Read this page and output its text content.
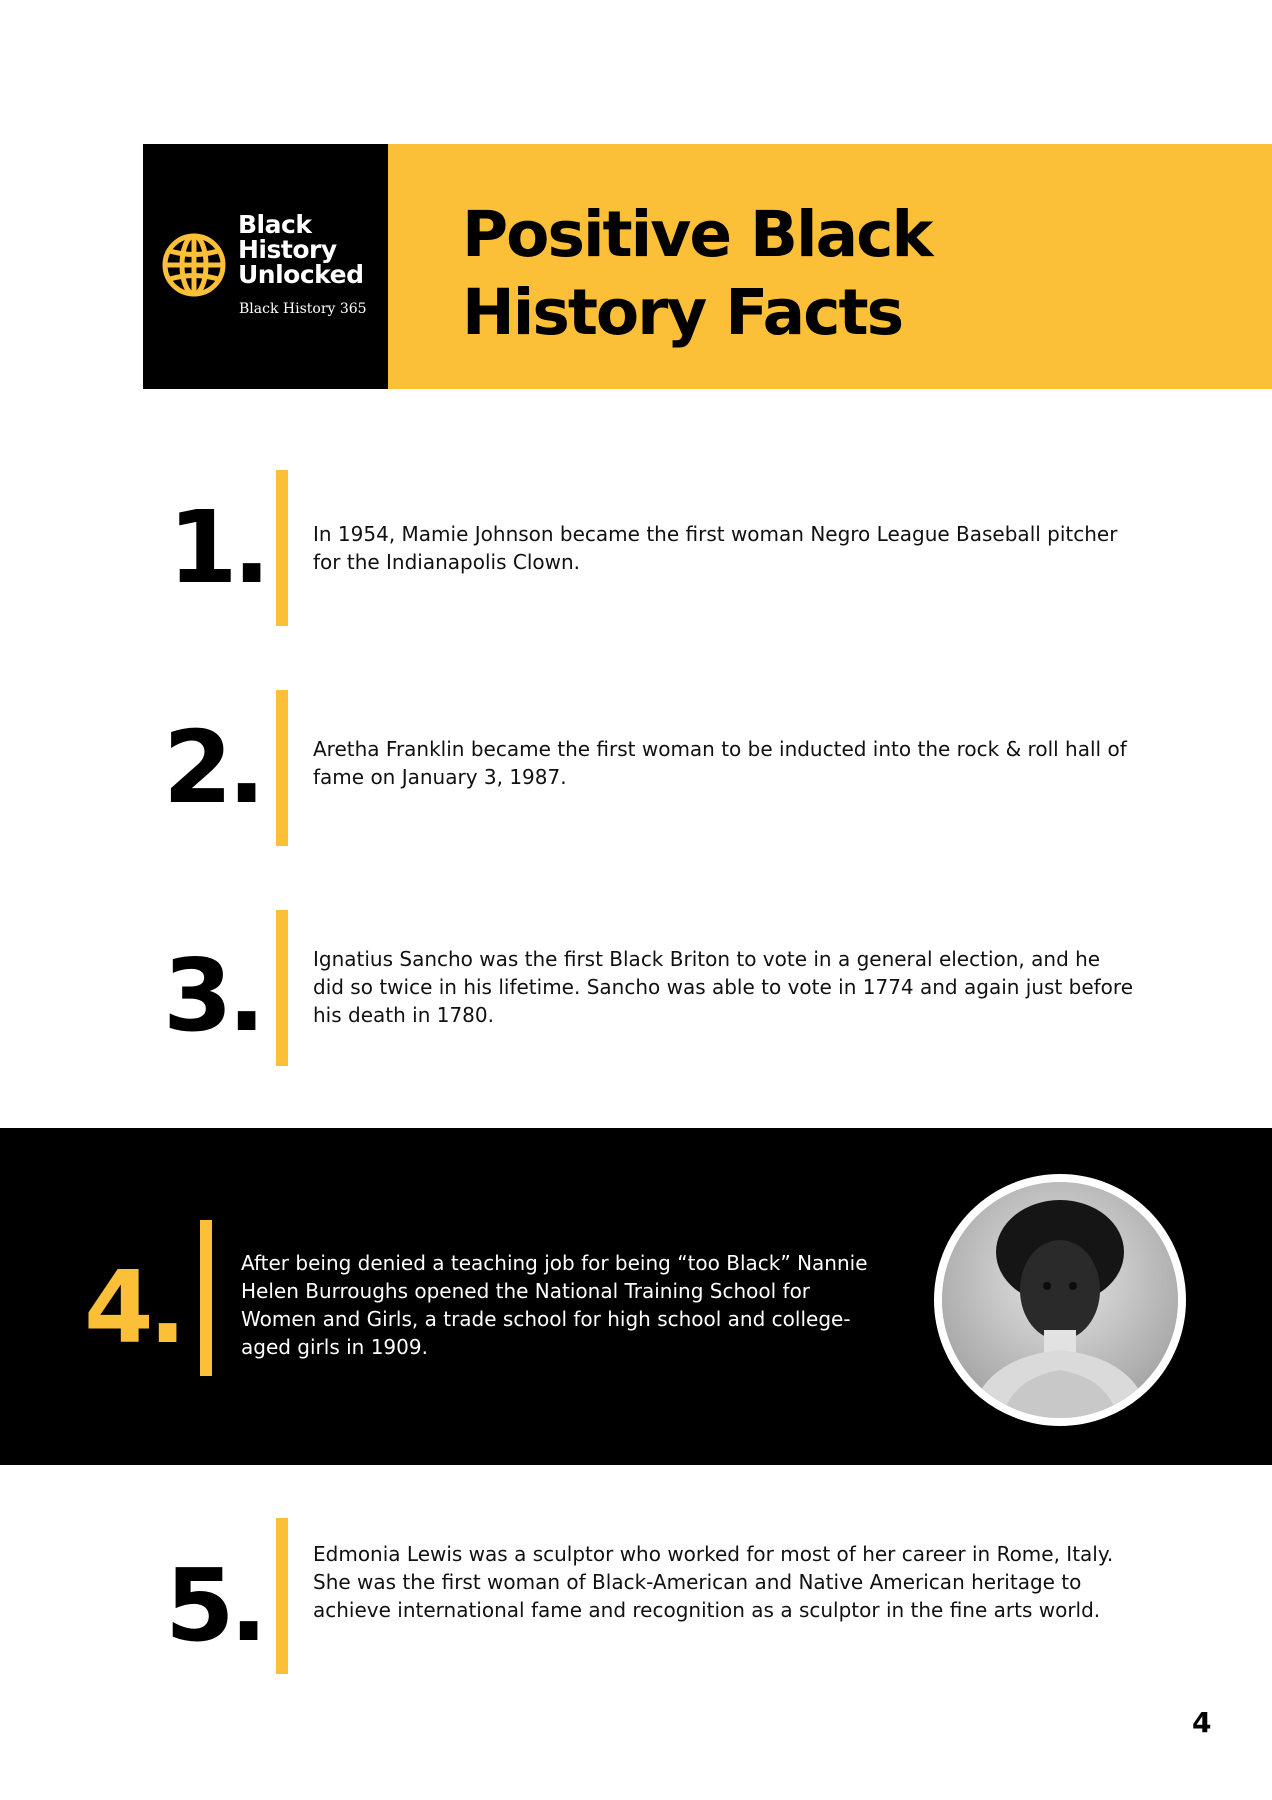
Black
History
Unlocked
Black History 365
Positive Black
History Facts
1. In 1954, Mamie Johnson became the first woman Negro League Baseball pitcher for the Indianapolis Clown.

2.	Aretha Franklin became the first woman to be inducted into the rock & roll hall of fame on January 3, 1987.

3.	Ignatius Sancho was the first Black Briton to vote in a general election, and he did so twice in his lifetime. Sancho was able to vote in 1774 and again just before his death in 1780.

4.	After being denied a teaching job for being “too Black” Nannie Helen Burroughs opened the National Training School for Women and Girls, a trade school for high school and college-aged girls in 1909.

5.	Edmonia Lewis was a sculptor who worked for most of her career in Rome, Italy. She was the first woman of Black-American and Native American heritage to achieve international fame and recognition as a sculptor in the fine arts world.

4
